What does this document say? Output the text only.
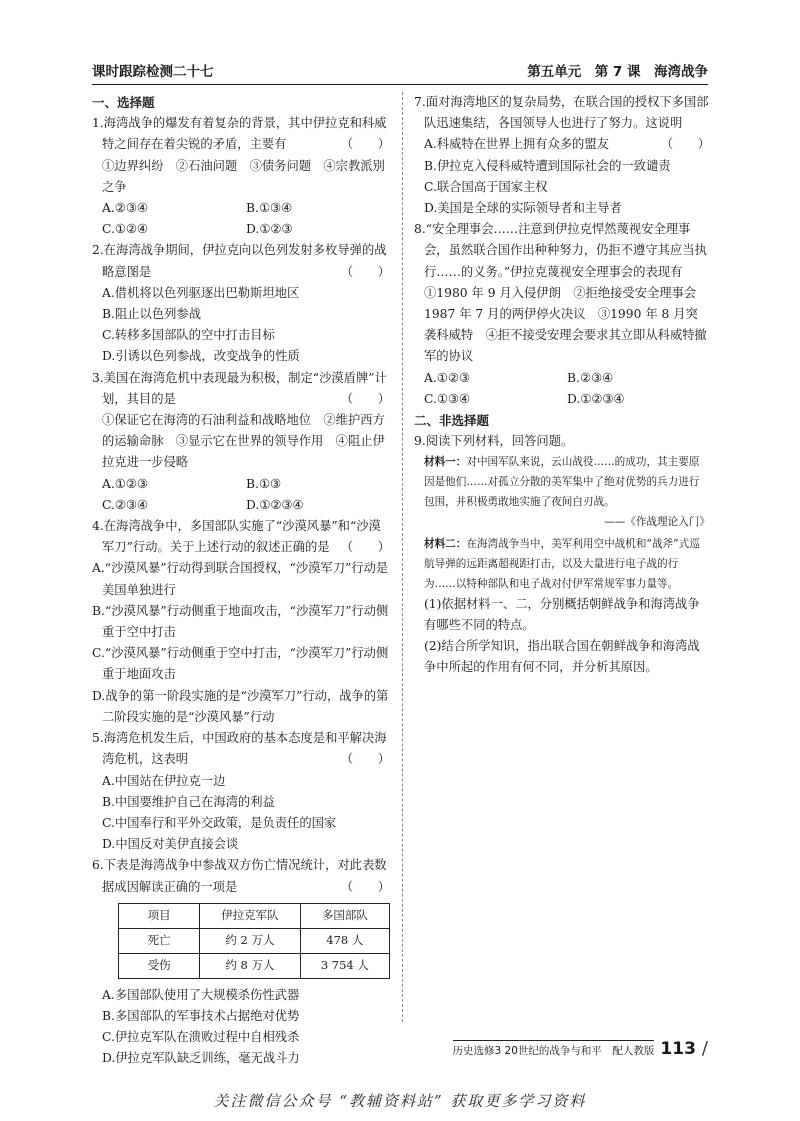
课时跟踪检测二十七	第五单元　第 7 课　海湾战争
一、选择题
1.海湾战争的爆发有着复杂的背景，其中伊拉克和科威特之间存在着尖锐的矛盾，主要有	（　　）
①边界纠纷　②石油问题　③债务问题　④宗教派别之争
A.②③④	B.①③④
C.①②④	D.①②③
2.在海湾战争期间，伊拉克向以色列发射多枚导弹的战略意图是	（　　）
A.借机将以色列驱逐出巴勒斯坦地区
B.阻止以色列参战
C.转移多国部队的空中打击目标
D.引诱以色列参战，改变战争的性质
3.美国在海湾危机中表现最为积极，制定“沙漠盾牌”计划，其目的是	（　　）
①保证它在海湾的石油利益和战略地位　②维护西方的运输命脉　③显示它在世界的领导作用　④阻止伊拉克进一步侵略
A.①②③	B.①③
C.②③④	D.①②③④
4.在海湾战争中，多国部队实施了“沙漠风暴”和“沙漠军刀”行动。关于上述行动的叙述正确的是 （　　）
A.“沙漠风暴”行动得到联合国授权，“沙漠军刀”行动是美国单独进行
B.“沙漠风暴”行动侧重于地面攻击，“沙漠军刀”行动侧重于空中打击
C.“沙漠风暴”行动侧重于空中打击，“沙漠军刀”行动侧重于地面攻击
D.战争的第一阶段实施的是“沙漠军刀”行动，战争的第二阶段实施的是“沙漠风暴”行动
5.海湾危机发生后，中国政府的基本态度是和平解决海湾危机，这表明	（　　）
A.中国站在伊拉克一边
B.中国要维护自己在海湾的利益
C.中国奉行和平外交政策，是负责任的国家
D.中国反对美伊直接会谈
6.下表是海湾战争中参战双方伤亡情况统计，对此表数据成因解读正确的一项是	（　　）
项目	伊拉克军队	多国部队
死亡	约 2 万人	478 人
受伤	约 8 万人	3 754 人
A.多国部队使用了大规模杀伤性武器
B.多国部队的军事技术占据绝对优势
C.伊拉克军队在溃败过程中自相残杀
D.伊拉克军队缺乏训练，毫无战斗力
7.面对海湾地区的复杂局势，在联合国的授权下多国部队迅速集结，各国领导人也进行了努力。这说明
（　　）
A.科威特在世界上拥有众多的盟友
B.伊拉克入侵科威特遭到国际社会的一致谴责
C.联合国高于国家主权
D.美国是全球的实际领导者和主导者
8.“安全理事会……注意到伊拉克悍然蔑视安全理事会，虽然联合国作出种种努力，仍拒不遵守其应当执行……的义务。”伊拉克蔑视安全理事会的表现有
①1980 年 9 月入侵伊朗　②拒绝接受安全理事会 1987 年 7 月的两伊停火决议　③1990 年 8 月突袭科威特　④拒不接受安理会要求其立即从科威特撤军的协议
A.①②③	B.②③④
C.①③④	D.①②③④
二、非选择题
9.阅读下列材料，回答问题。
材料一：对中国军队来说，云山战役……的成功，其主要原因是他们……对孤立分散的美军集中了绝对优势的兵力进行包围，并积极勇敢地实施了夜间白刃战。
——《作战理论入门》
材料二：在海湾战争当中，美军利用空中战机和“战斧”式巡航导弹的远距离超视距打击，以及大量进行电子战的行为……以特种部队和电子战对付伊军常规军事力量等。
(1)依据材料一、二，分别概括朝鲜战争和海湾战争有哪些不同的特点。
(2)结合所学知识，指出联合国在朝鲜战争和海湾战争中所起的作用有何不同，并分析其原因。
历史选修3 20世纪的战争与和平　配人教版 113 /
关注微信公众号 “教辅资料站” 获取更多学习资料
